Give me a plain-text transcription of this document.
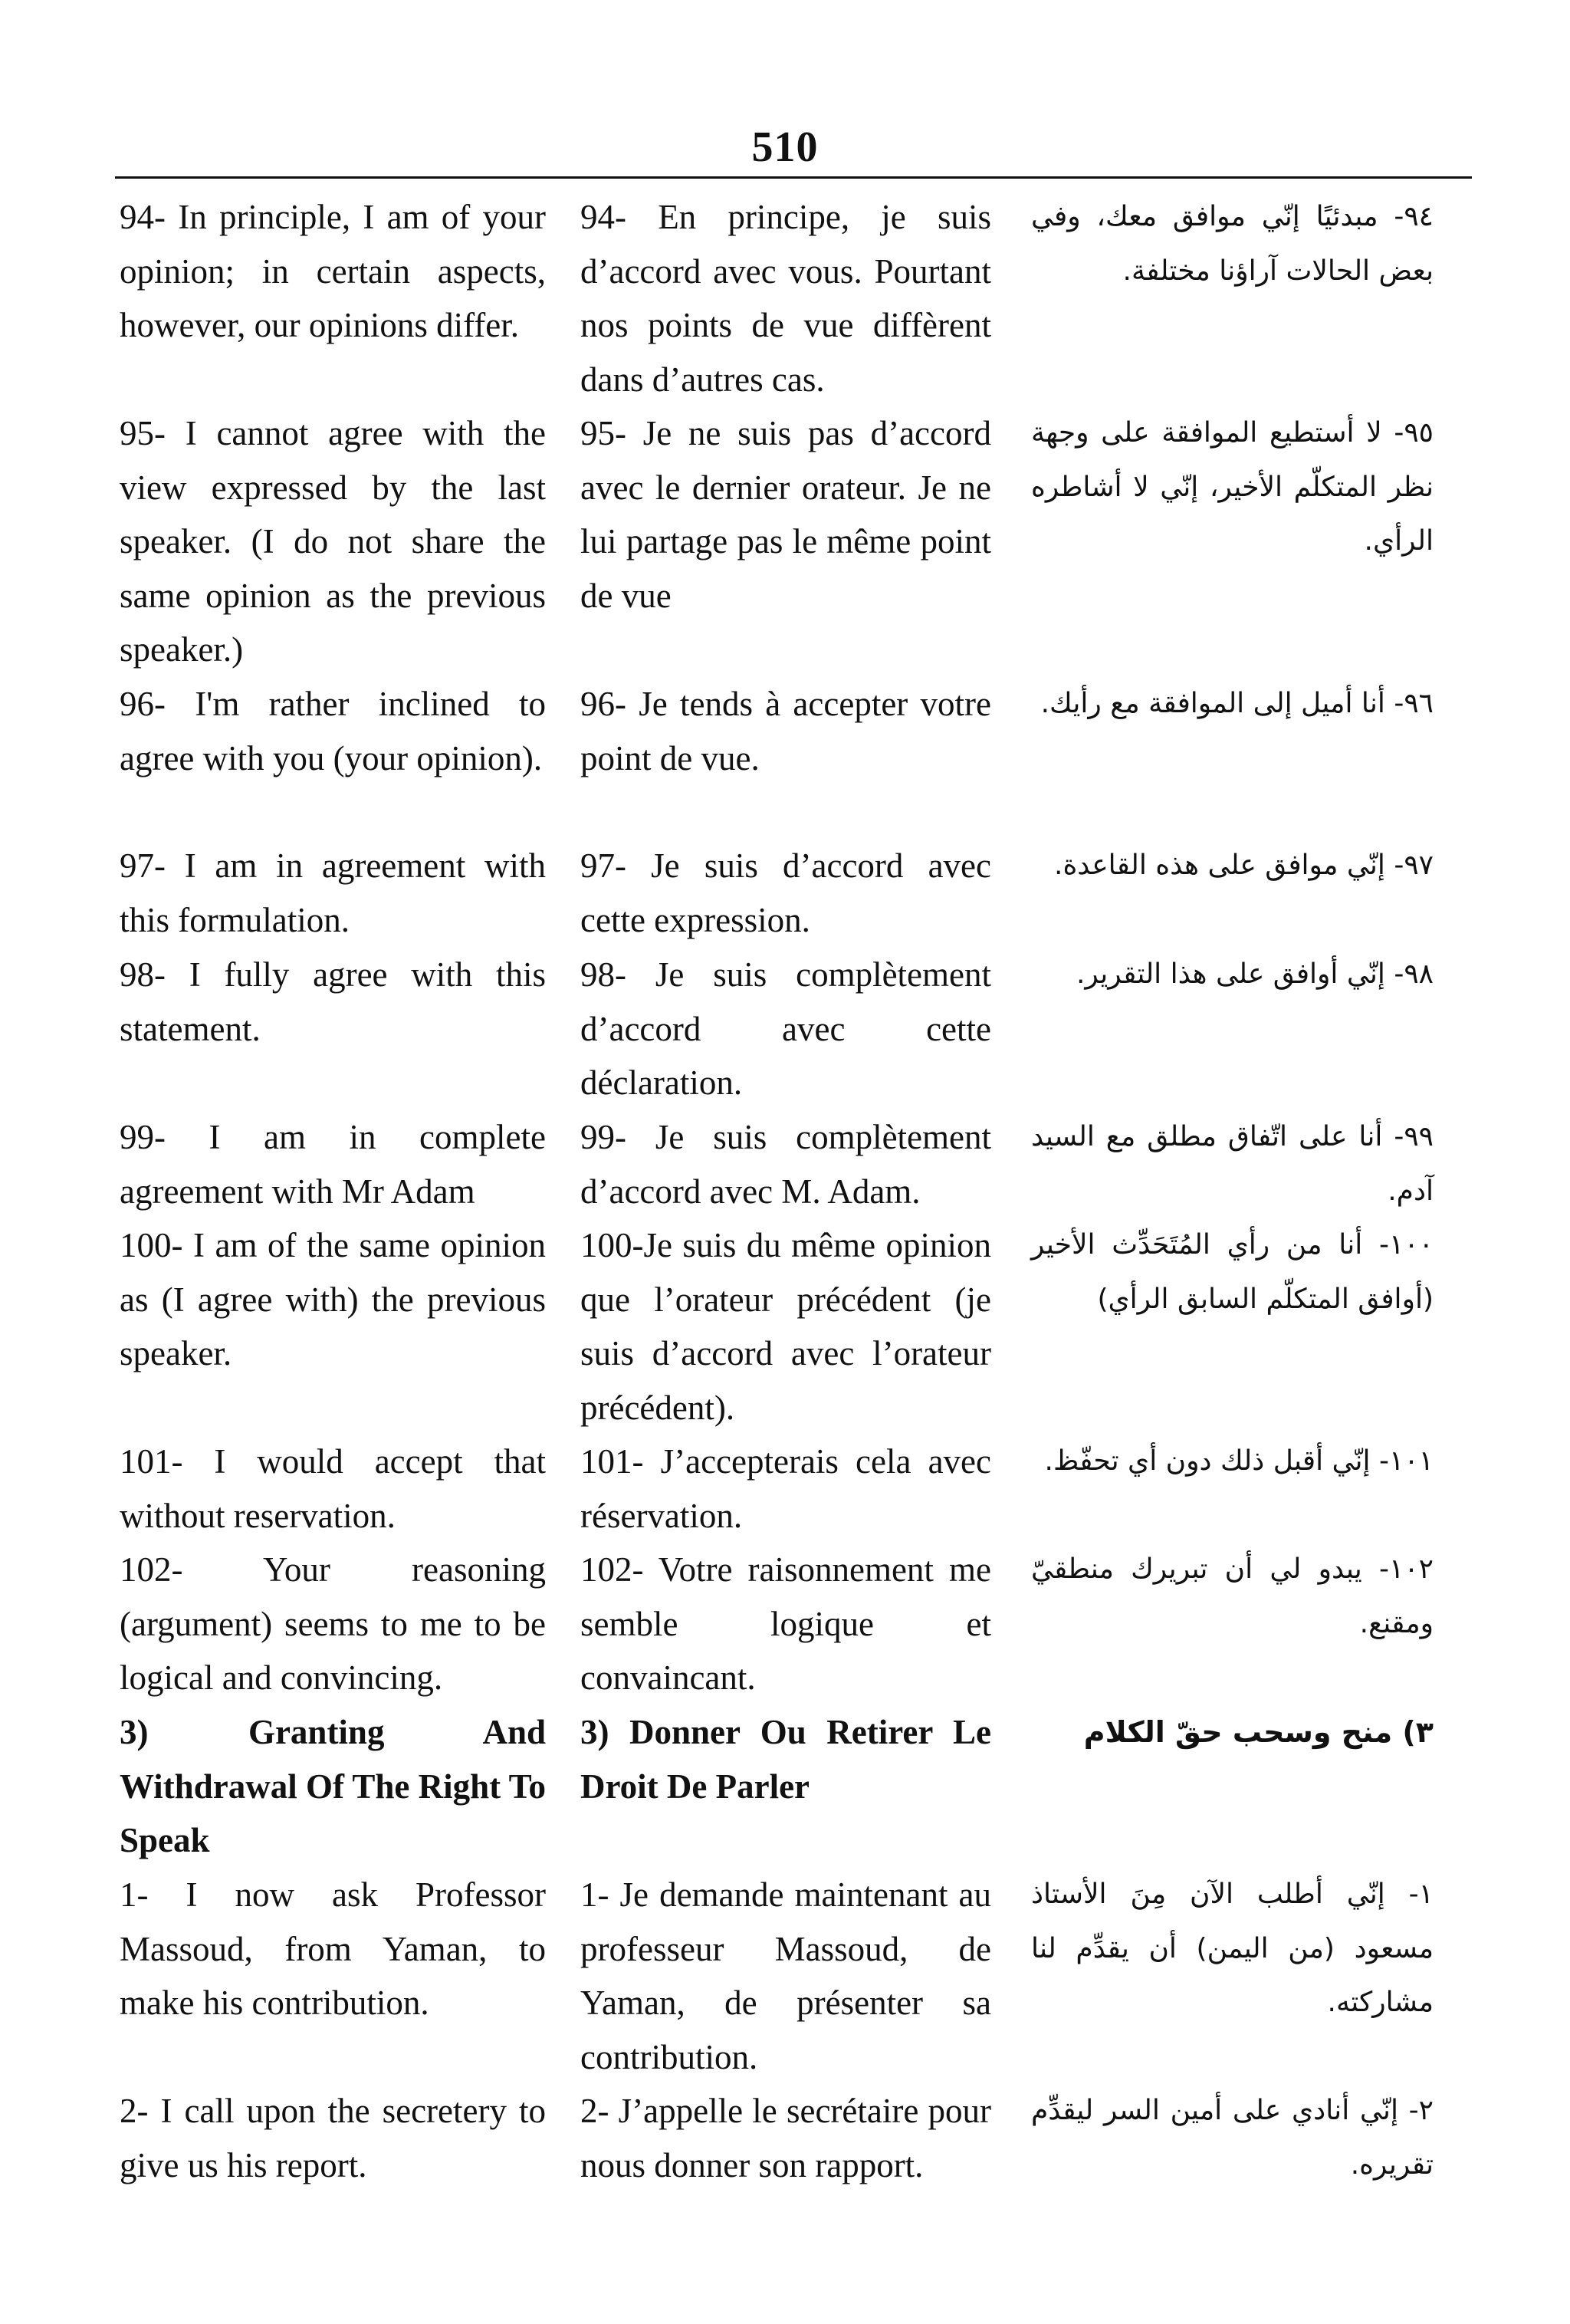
510

94- In principle, I am of your opinion; in certain aspects, however, our opinions differ.

95- I cannot agree with the view expressed by the last speaker. (I do not share the same opinion as the previous speaker.)

96- I'm rather inclined to agree with you (your opinion).

97- I am in agreement with this formulation.

98- I fully agree with this statement.

99- I am in complete agreement with Mr Adam

100- I am of the same opinion as (I agree with) the previous speaker.

101- I would accept that without reservation.

102- Your reasoning (argument) seems to me to be logical and convincing.

3) Granting And Withdrawal Of The Right To Speak

1- I now ask Professor Massoud, from Yaman, to make his contribution.

2- I call upon the secretery to give us his report.

94- En principe, je suis d’accord avec vous. Pourtant nos points de vue diffèrent dans d’autres cas.

95- Je ne suis pas d’accord avec le dernier orateur. Je ne lui partage pas le même point de vue

96- Je tends à accepter votre point de vue.

97- Je suis d’accord avec cette expression.

98- Je suis complètement d’accord avec cette déclaration.

99- Je suis complètement d’accord avec M. Adam.

100-Je suis du même opinion que l’orateur précédent (je suis d’accord avec l’orateur précédent).

101- J’accepterais cela avec réservation.

102- Votre raisonnement me semble logique et convaincant.

3) Donner Ou Retirer Le Droit De Parler

1- Je demande maintenant au professeur Massoud, de Yaman, de présenter sa contribution.

2- J’appelle le secrétaire pour nous donner son rapport.

٩٤- مبدئيًا إنّي موافق معك، وفي بعض الحالات آراؤنا مختلفة.

٩٥- لا أستطيع الموافقة على وجهة نظر المتكلّم الأخير، إنّي لا أشاطره الرأي.

٩٦- أنا أميل إلى الموافقة مع رأيك.

٩٧- إنّي موافق على هذه القاعدة.

٩٨- إنّي أوافق على هذا التقرير.

٩٩- أنا على اتّفاق مطلق مع السيد آدم.

١٠٠- أنا من رأي المُتَحَدِّث الأخير (أوافق المتكلّم السابق الرأي)

١٠١- إنّي أقبل ذلك دون أي تحفّظ.

١٠٢- يبدو لي أن تبريرك منطقيّ ومقنع.

٣) منح وسحب حقّ الكلام

١- إنّي أطلب الآن مِنَ الأستاذ مسعود (من اليمن) أن يقدِّم لنا مشاركته.

٢- إنّي أنادي على أمين السر ليقدِّم تقريره.
